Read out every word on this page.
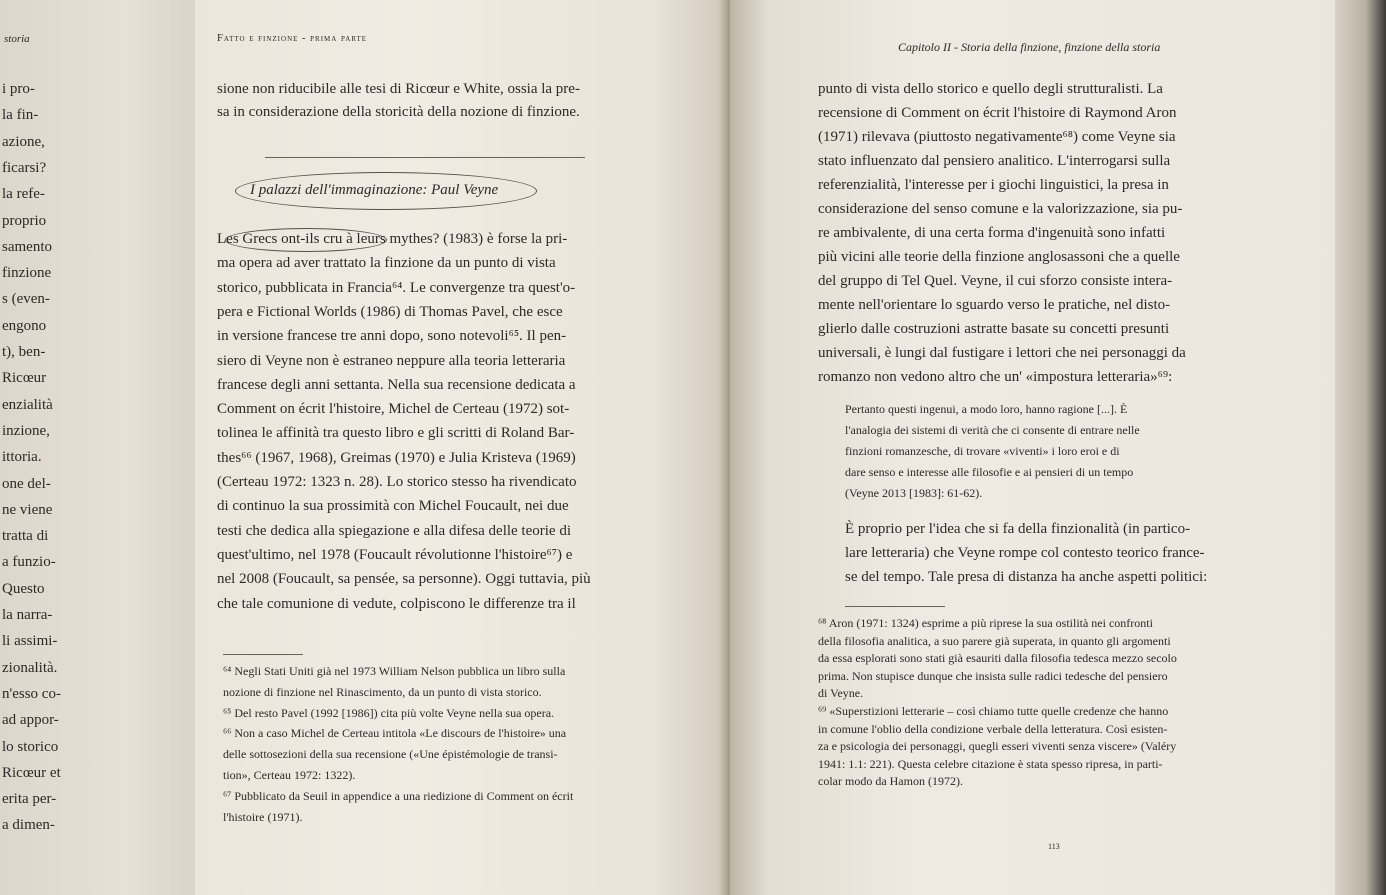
storia
i pro-
la fin-
azione,
ficarsi?
la refe-
proprio
samento
finzione
s (even-
engono
t), ben-
Ricœur
enzialità
inzione,
ittoria.
one del-
ne viene
tratta di
a funzio-
Questo
la narra-
li assimi-
zionalità.
n'esso co-
ad appor-
lo storico
Ricœur et
erita per-
a dimen-
Fatto e finzione - prima parte
sione non riducibile alle tesi di Ricœur e White, ossia la pre-
sa in considerazione della storicità della nozione di finzione.
I palazzi dell'immaginazione: Paul Veyne
Les Grecs ont-ils cru à leurs mythes? (1983) è forse la pri-
ma opera ad aver trattato la finzione da un punto di vista
storico, pubblicata in Francia⁶⁴. Le convergenze tra quest'o-
pera e Fictional Worlds (1986) di Thomas Pavel, che esce
in versione francese tre anni dopo, sono notevoli⁶⁵. Il pen-
siero di Veyne non è estraneo neppure alla teoria letteraria
francese degli anni settanta. Nella sua recensione dedicata a
Comment on écrit l'histoire, Michel de Certeau (1972) sot-
tolinea le affinità tra questo libro e gli scritti di Roland Bar-
thes⁶⁶ (1967, 1968), Greimas (1970) e Julia Kristeva (1969)
(Certeau 1972: 1323 n. 28). Lo storico stesso ha rivendicato
di continuo la sua prossimità con Michel Foucault, nei due
testi che dedica alla spiegazione e alla difesa delle teorie di
quest'ultimo, nel 1978 (Foucault révolutionne l'histoire⁶⁷) e
nel 2008 (Foucault, sa pensée, sa personne). Oggi tuttavia, più
che tale comunione di vedute, colpiscono le differenze tra il
⁶⁴ Negli Stati Uniti già nel 1973 William Nelson pubblica un libro sulla
nozione di finzione nel Rinascimento, da un punto di vista storico.
⁶⁵ Del resto Pavel (1992 [1986]) cita più volte Veyne nella sua opera.
⁶⁶ Non a caso Michel de Certeau intitola «Le discours de l'histoire» una
delle sottosezioni della sua recensione («Une épistémologie de transi-
tion», Certeau 1972: 1322).
⁶⁷ Pubblicato da Seuil in appendice a una riedizione di Comment on écrit
l'histoire (1971).
Capitolo II - Storia della finzione, finzione della storia
punto di vista dello storico e quello degli strutturalisti. La
recensione di Comment on écrit l'histoire di Raymond Aron
(1971) rilevava (piuttosto negativamente⁶⁸) come Veyne sia
stato influenzato dal pensiero analitico. L'interrogarsi sulla
referenzialità, l'interesse per i giochi linguistici, la presa in
considerazione del senso comune e la valorizzazione, sia pu-
re ambivalente, di una certa forma d'ingenuità sono infatti
più vicini alle teorie della finzione anglosassoni che a quelle
del gruppo di Tel Quel. Veyne, il cui sforzo consiste intera-
mente nell'orientare lo sguardo verso le pratiche, nel disto-
glierlo dalle costruzioni astratte basate su concetti presunti
universali, è lungi dal fustigare i lettori che nei personaggi da
romanzo non vedono altro che un' «impostura letteraria»⁶⁹:
Pertanto questi ingenui, a modo loro, hanno ragione [...]. È
l'analogia dei sistemi di verità che ci consente di entrare nelle
finzioni romanzesche, di trovare «viventi» i loro eroi e di
dare senso e interesse alle filosofie e ai pensieri di un tempo
(Veyne 2013 [1983]: 61-62).
È proprio per l'idea che si fa della finzionalità (in partico-
lare letteraria) che Veyne rompe col contesto teorico france-
se del tempo. Tale presa di distanza ha anche aspetti politici:
⁶⁸ Aron (1971: 1324) esprime a più riprese la sua ostilità nei confronti
della filosofia analitica, a suo parere già superata, in quanto gli argomenti
da essa esplorati sono stati già esauriti dalla filosofia tedesca mezzo secolo
prima. Non stupisce dunque che insista sulle radici tedesche del pensiero
di Veyne.
⁶⁹ «Superstizioni letterarie – così chiamo tutte quelle credenze che hanno
in comune l'oblio della condizione verbale della letteratura. Così esisten-
za e psicologia dei personaggi, quegli esseri viventi senza viscere» (Valéry
1941: 1.1: 221). Questa celebre citazione è stata spesso ripresa, in parti-
colar modo da Hamon (1972).
113
